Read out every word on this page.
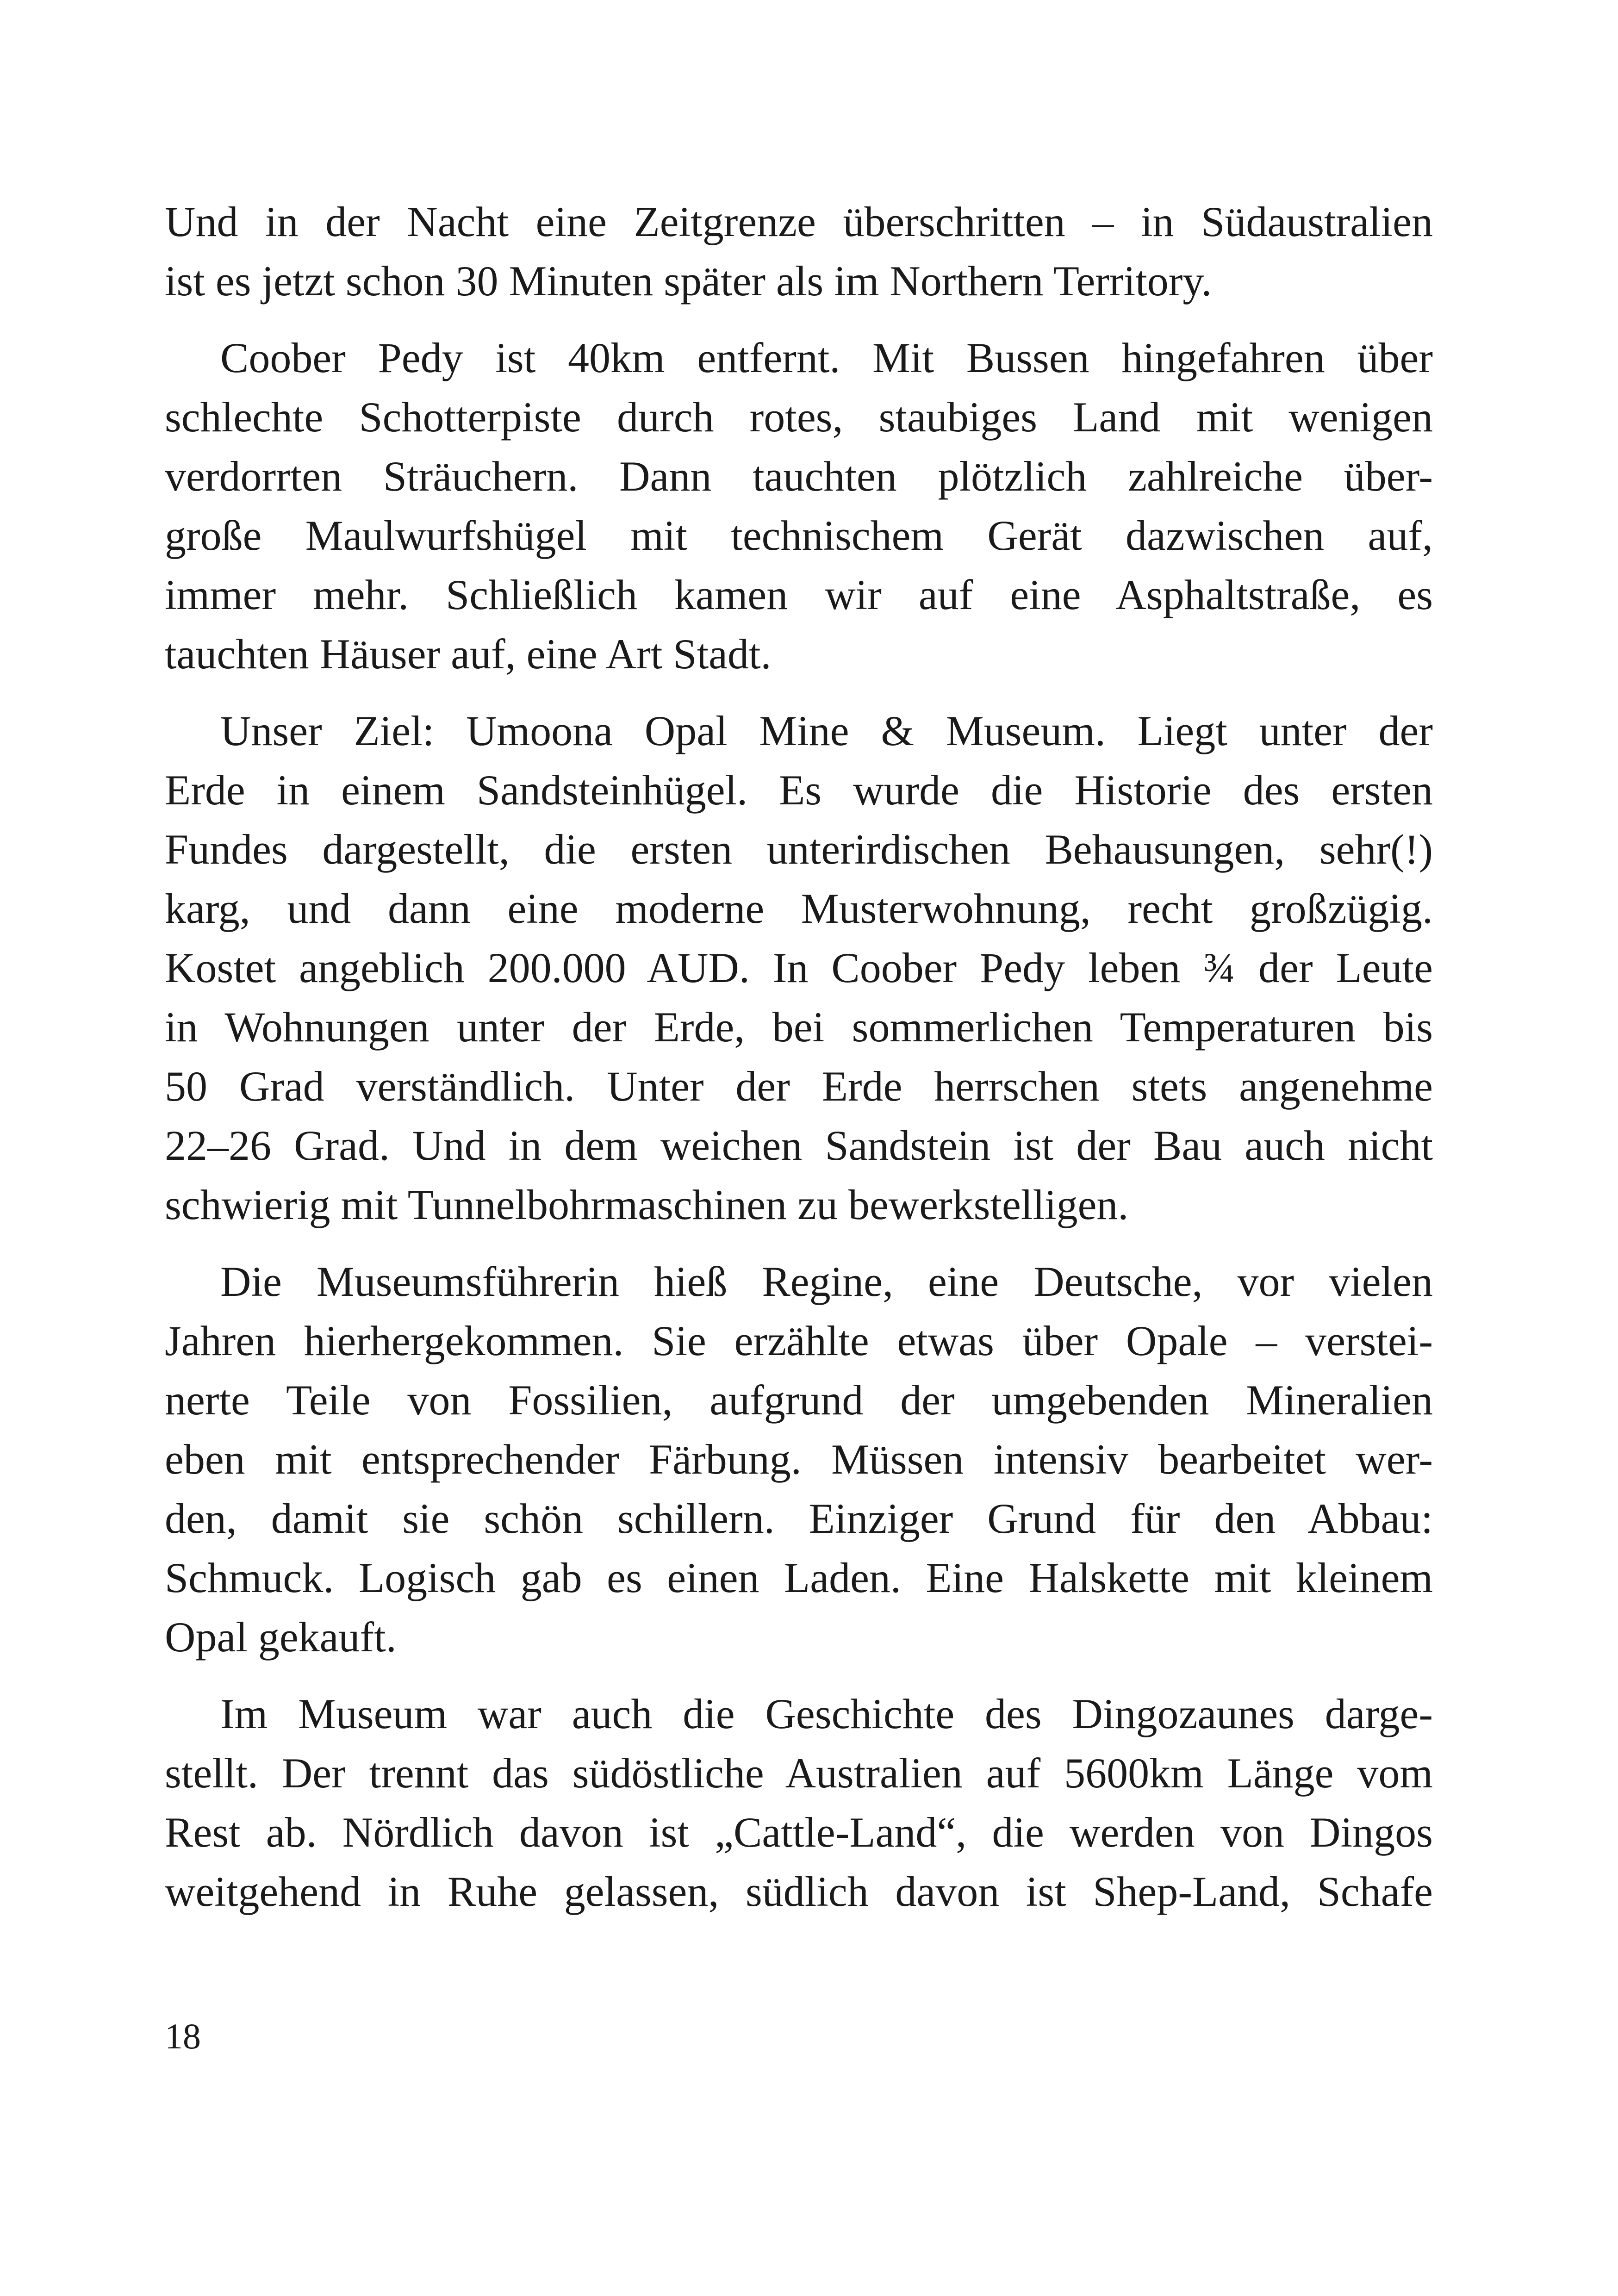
Und in der Nacht eine Zeitgrenze überschritten – in Südaustralien
ist es jetzt schon 30 Minuten später als im Northern Territory.
Coober Pedy ist 40km entfernt. Mit Bussen hingefahren über
schlechte Schotterpiste durch rotes, staubiges Land mit wenigen
verdorrten Sträuchern. Dann tauchten plötzlich zahlreiche über-
große Maulwurfshügel mit technischem Gerät dazwischen auf,
immer mehr. Schließlich kamen wir auf eine Asphaltstraße, es
tauchten Häuser auf, eine Art Stadt.
Unser Ziel: Umoona Opal Mine & Museum. Liegt unter der
Erde in einem Sandsteinhügel. Es wurde die Historie des ersten
Fundes dargestellt, die ersten unterirdischen Behausungen, sehr(!)
karg, und dann eine moderne Musterwohnung, recht großzügig.
Kostet angeblich 200.000 AUD. In Coober Pedy leben ¾ der Leute
in Wohnungen unter der Erde, bei sommerlichen Temperaturen bis
50 Grad verständlich. Unter der Erde herrschen stets angenehme
22–26 Grad. Und in dem weichen Sandstein ist der Bau auch nicht
schwierig mit Tunnelbohrmaschinen zu bewerkstelligen.
Die Museumsführerin hieß Regine, eine Deutsche, vor vielen
Jahren hierhergekommen. Sie erzählte etwas über Opale – verstei-
nerte Teile von Fossilien, aufgrund der umgebenden Mineralien
eben mit entsprechender Färbung. Müssen intensiv bearbeitet wer-
den, damit sie schön schillern. Einziger Grund für den Abbau:
Schmuck. Logisch gab es einen Laden. Eine Halskette mit kleinem
Opal gekauft.
Im Museum war auch die Geschichte des Dingozaunes darge-
stellt. Der trennt das südöstliche Australien auf 5600km Länge vom
Rest ab. Nördlich davon ist „Cattle-Land“, die werden von Dingos
weitgehend in Ruhe gelassen, südlich davon ist Shep-Land, Schafe
18
